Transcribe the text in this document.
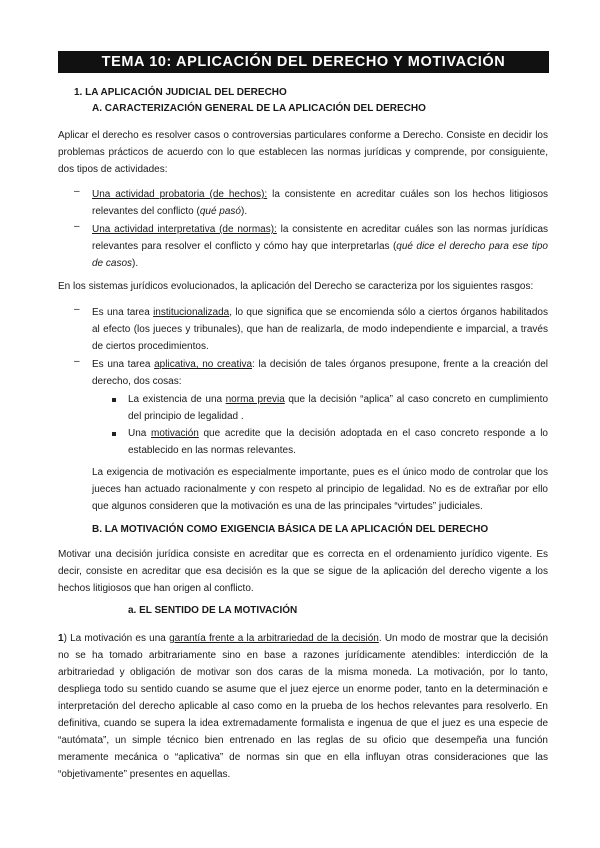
TEMA 10: APLICACIÓN DEL DERECHO Y MOTIVACIÓN
1. LA APLICACIÓN JUDICIAL DEL DERECHO
A. CARACTERIZACIÓN GENERAL DE LA APLICACIÓN DEL DERECHO
Aplicar el derecho es resolver casos o controversias particulares conforme a Derecho. Consiste en decidir los problemas prácticos de acuerdo con lo que establecen las normas jurídicas y comprende, por consiguiente, dos tipos de actividades:
– Una actividad probatoria (de hechos): la consistente en acreditar cuáles son los hechos litigiosos relevantes del conflicto (qué pasó).
– Una actividad interpretativa (de normas): la consistente en acreditar cuáles son las normas jurídicas relevantes para resolver el conflicto y cómo hay que interpretarlas (qué dice el derecho para ese tipo de casos).
En los sistemas jurídicos evolucionados, la aplicación del Derecho se caracteriza por los siguientes rasgos:
– Es una tarea institucionalizada, lo que significa que se encomienda sólo a ciertos órganos habilitados al efecto (los jueces y tribunales), que han de realizarla, de modo independiente e imparcial, a través de ciertos procedimientos.
– Es una tarea aplicativa, no creativa: la decisión de tales órganos presupone, frente a la creación del derecho, dos cosas:
La existencia de una norma previa que la decisión “aplica” al caso concreto en cumplimiento del principio de legalidad .
Una motivación que acredite que la decisión adoptada en el caso concreto responde a lo establecido en las normas relevantes.
La exigencia de motivación es especialmente importante, pues es el único modo de controlar que los jueces han actuado racionalmente y con respeto al principio de legalidad. No es de extrañar por ello que algunos consideren que la motivación es una de las principales “virtudes” judiciales.
B. LA MOTIVACIÓN COMO EXIGENCIA BÁSICA DE LA APLICACIÓN DEL DERECHO
Motivar una decisión jurídica consiste en acreditar que es correcta en el ordenamiento jurídico vigente. Es decir, consiste en acreditar que esa decisión es la que se sigue de la aplicación del derecho vigente a los hechos litigiosos que han origen al conflicto.
a. EL SENTIDO DE LA MOTIVACIÓN
1) La motivación es una garantía frente a la arbitrariedad de la decisión. Un modo de mostrar que la decisión no se ha tomado arbitrariamente sino en base a razones jurídicamente atendibles: interdicción de la arbitrariedad y obligación de motivar son dos caras de la misma moneda. La motivación, por lo tanto, despliega todo su sentido cuando se asume que el juez ejerce un enorme poder, tanto en la determinación e interpretación del derecho aplicable al caso como en la prueba de los hechos relevantes para resolverlo. En definitiva, cuando se supera la idea extremadamente formalista e ingenua de que el juez es una especie de “autómata”, un simple técnico bien entrenado en las reglas de su oficio que desempeña una función meramente mecánica o “aplicativa” de normas sin que en ella influyan otras consideraciones que las “objetivamente” presentes en aquellas.
